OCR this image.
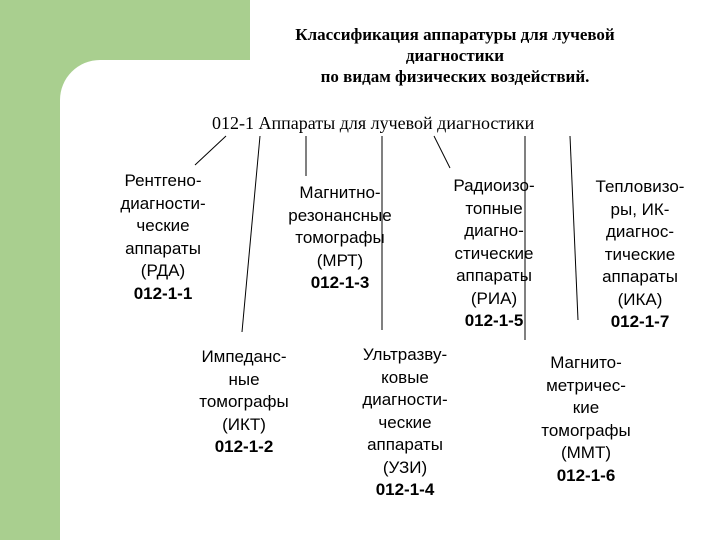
Классификация аппаратуры для лучевой
диагностики
по видам физических воздействий.
012-1 Аппараты для лучевой диагностики
Рентгено-
диагности-
ческие
аппараты
(РДА)
012-1-1
Импеданс-
ные
томографы
(ИКТ)
012-1-2
Магнитно-
резонансные
томографы
(МРТ)
012-1-3
Ультразву-
ковые
диагности-
ческие
аппараты
(УЗИ)
012-1-4
Радиоизо-
топные
диагно-
стические
аппараты
(РИА)
012-1-5
Магнито-
метричес-
кие
томографы
(ММТ)
012-1-6
Тепловизо-
ры, ИК-
диагнос-
тические
аппараты
(ИКА)
012-1-7
